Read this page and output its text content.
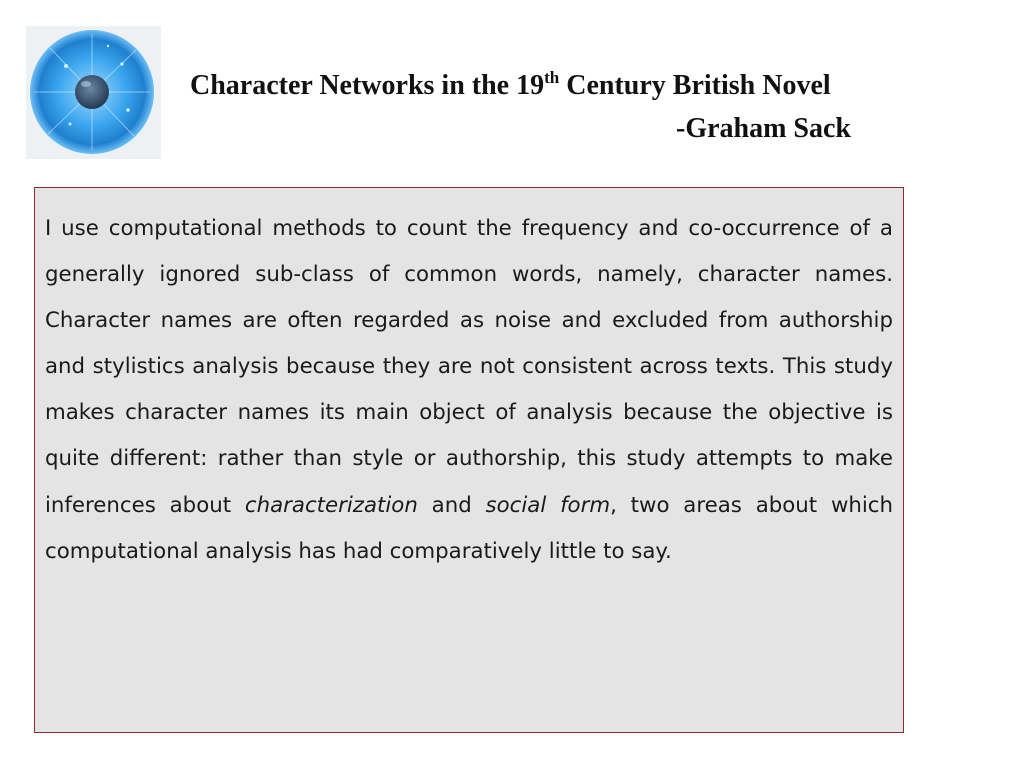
Character Networks in the 19th Century British Novel
-Graham Sack

I use computational methods to count the frequency and co-occurrence of a generally ignored sub-class of common words, namely, character names. Character names are often regarded as noise and excluded from authorship and stylistics analysis because they are not consistent across texts. This study makes character names its main object of analysis because the objective is quite different: rather than style or authorship, this study attempts to make inferences about characterization and social form, two areas about which computational analysis has had comparatively little to say.
